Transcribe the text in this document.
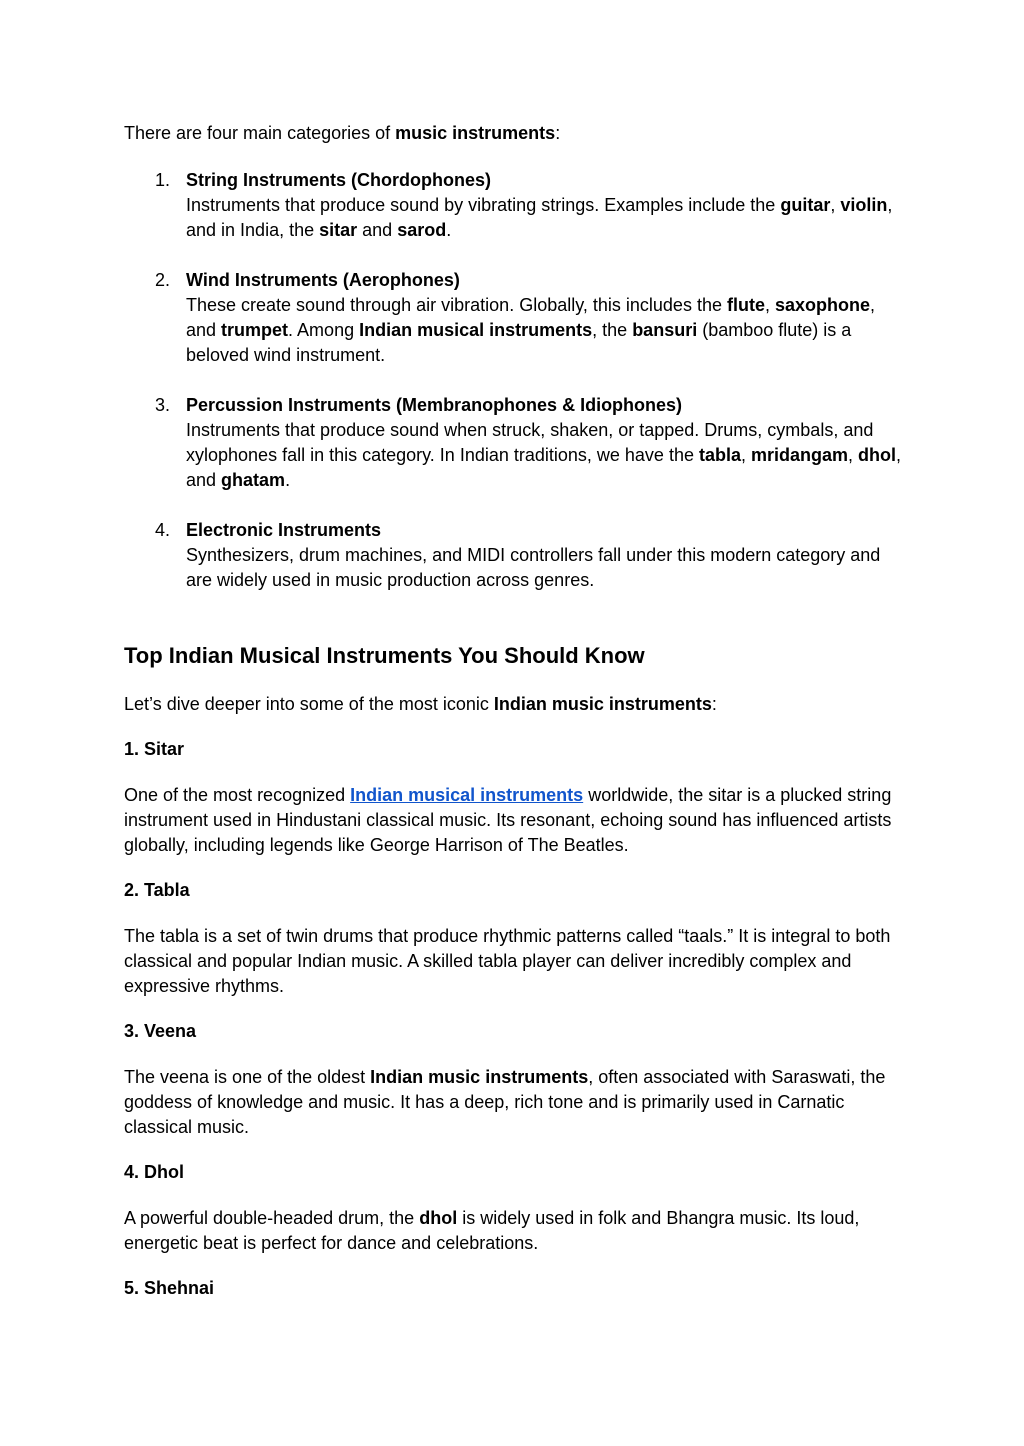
There are four main categories of music instruments:

1. String Instruments (Chordophones)
Instruments that produce sound by vibrating strings. Examples include the guitar, violin, and in India, the sitar and sarod.

2. Wind Instruments (Aerophones)
These create sound through air vibration. Globally, this includes the flute, saxophone, and trumpet. Among Indian musical instruments, the bansuri (bamboo flute) is a beloved wind instrument.

3. Percussion Instruments (Membranophones & Idiophones)
Instruments that produce sound when struck, shaken, or tapped. Drums, cymbals, and xylophones fall in this category. In Indian traditions, we have the tabla, mridangam, dhol, and ghatam.

4. Electronic Instruments
Synthesizers, drum machines, and MIDI controllers fall under this modern category and are widely used in music production across genres.

Top Indian Musical Instruments You Should Know

Let’s dive deeper into some of the most iconic Indian music instruments:

1. Sitar

One of the most recognized Indian musical instruments worldwide, the sitar is a plucked string instrument used in Hindustani classical music. Its resonant, echoing sound has influenced artists globally, including legends like George Harrison of The Beatles.

2. Tabla

The tabla is a set of twin drums that produce rhythmic patterns called “taals.” It is integral to both classical and popular Indian music. A skilled tabla player can deliver incredibly complex and expressive rhythms.

3. Veena

The veena is one of the oldest Indian music instruments, often associated with Saraswati, the goddess of knowledge and music. It has a deep, rich tone and is primarily used in Carnatic classical music.

4. Dhol

A powerful double-headed drum, the dhol is widely used in folk and Bhangra music. Its loud, energetic beat is perfect for dance and celebrations.

5. Shehnai
